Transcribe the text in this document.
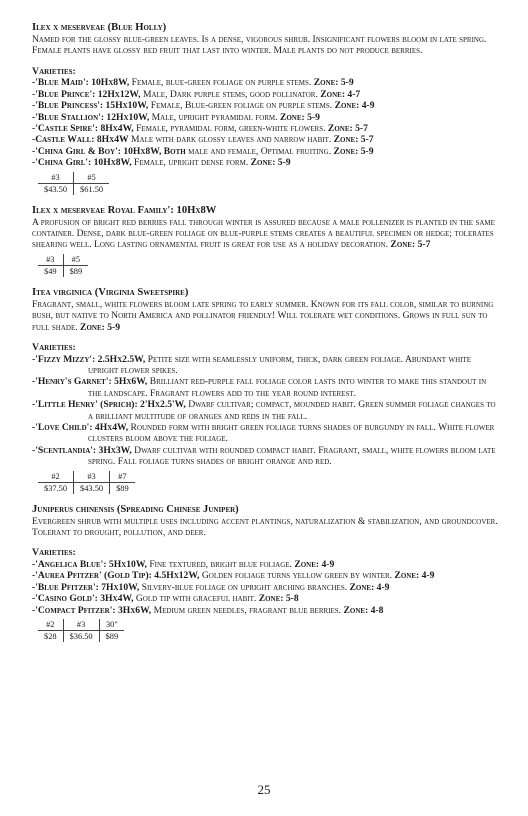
Ilex x meserveae (Blue Holly)

Named for the glossy blue-green leaves. Is a dense, vigorous shrub. Insignificant flowers bloom in late spring. Female plants have glossy red fruit that last into winter. Male plants do not produce berries.

Varieties:

-'Blue Maid': 10Hx8W, Female, blue-green foliage on purple stems. Zone: 5-9

-'Blue Prince': 12Hx12W, Male, Dark purple stems, good pollinator. Zone: 4-7

-'Blue Princess': 15Hx10W, Female, Blue-green foliage on purple stems. Zone: 4-9

-'Blue Stallion': 12Hx10W, Male, upright pyramidal form. Zone: 5-9

-'Castle Spire': 8Hx4W, Female, pyramidal form, green-white flowers. Zone: 5-7

-Castle Wall: 8Hx4W Male with dark glossy leaves and narrow habit. Zone: 5-7

-'China Girl & Boy': 10Hx8W, Both male and female, Optimal fruiting. Zone: 5-9

-'China Girl': 10Hx8W, Female, upright dense form. Zone: 5-9

#3	#5
$43.50	$61.50

Ilex x meserveae Royal Family': 10Hx8W

A profusion of bright red berries fall through winter is assured because a male pollenizer is planted in the same container. Dense, dark blue-green foliage on blue-purple stems creates a beautiful specimen or hedge; tolerates shearing well. Long lasting ornamental fruit is great for use as a holiday decoration. Zone: 5-7

#3	#5
$49	$89

Itea virginica (Virginia Sweetspire)

Fragrant, small, white flowers bloom late spring to early summer. Known for its fall color, similar to burning bush, but native to North America and pollinator friendly! Will tolerate wet conditions. Grows in full sun to full shade. Zone: 5-9

Varieties:

-'Fizzy Mizzy': 2.5Hx2.5W, Petite size with seamlessly uniform, thick, dark green foliage. Abundant white upright flower spikes.

-'Henry's Garnet': 5Hx6W, Brilliant red-purple fall foliage color lasts into winter to make this standout in the landscape. Fragrant flowers add to the year round interest.

-'Little Henry' (Sprich): 2'Hx2.5'W, Dwarf cultivar; compact, mounded habit. Green summer foliage changes to a brilliant multitude of oranges and reds in the fall.

-'Love Child': 4Hx4W, Rounded form with bright green foliage turns shades of burgundy in fall. White flower clusters bloom above the foliage.

-'Scentlandia': 3Hx3W, Dwarf cultivar with rounded compact habit. Fragrant, small, white flowers bloom late spring. Fall foliage turns shades of bright orange and red.

#2	#3	#7
$37.50	$43.50	$89

Juniperus chinensis (Spreading Chinese Juniper)

Evergreen shrub with multiple uses including accent plantings, naturalization & stabilization, and groundcover. Tolerant to drought, pollution, and deer.

Varieties:

-'Angelica Blue': 5Hx10W, Fine textured, bright blue foliage. Zone: 4-9

-'Aurea Pfitzer' (Gold Tip): 4.5Hx12W, Golden foliage turns yellow green by winter. Zone: 4-9

-'Blue Pfitzer': 7Hx10W, Silvery-blue foliage on upright arching branches. Zone: 4-9

-'Casino Gold': 3Hx4W, Gold tip with graceful habit. Zone: 5-8

-'Compact Pfitzer': 3Hx6W, Medium green needles, fragrant blue berries. Zone: 4-8

#2	#3	30"
$28	$36.50	$89
25
